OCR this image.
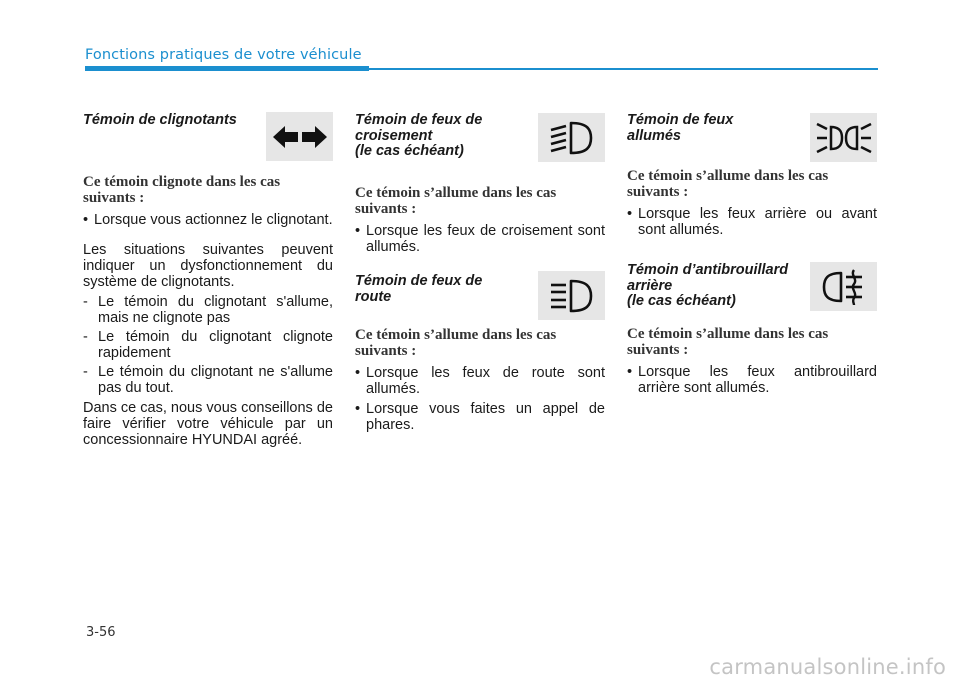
Fonctions pratiques de votre véhicule

Témoin de clignotants

Ce témoin clignote dans les cas suivants :

• Lorsque vous actionnez le clignotant.

Les situations suivantes peuvent indiquer un dysfonctionnement du système de clignotants.

- Le témoin du clignotant s'allume, mais ne clignote pas

- Le témoin du clignotant clignote rapidement

- Le témoin du clignotant ne s'allume pas du tout.

Dans ce cas, nous vous conseillons de faire vérifier votre véhicule par un concessionnaire HYUNDAI agréé.

Témoin de feux de
croisement
(le cas échéant)

Ce témoin s’allume dans les cas suivants :

• Lorsque les feux de croisement sont allumés.

Témoin de feux de
route

Ce témoin s’allume dans les cas suivants :

• Lorsque les feux de route sont allumés.

• Lorsque vous faites un appel de phares.

Témoin de feux
allumés

Ce témoin s’allume dans les cas suivants :

• Lorsque les feux arrière ou avant sont allumés.

Témoin d’antibrouillard
arrière
(le cas échéant)

Ce témoin s’allume dans les cas suivants :

• Lorsque les feux antibrouillard arrière sont allumés.

3-56
carmanualsonline.info
